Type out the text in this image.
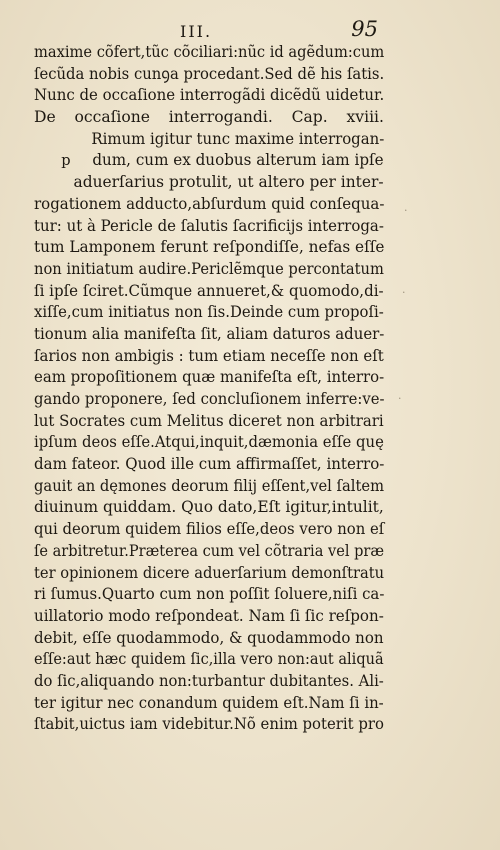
III.	95
maxime cõfert,tũc cõciliari:nũc id agẽdum:cum
ſecũda nobis cunꝯa procedant.Sed dẽ his ſatis.
Nunc de occaſione interrogãdi dicẽdũ uidetur.
De occaſione interrogandi. Cap. xviii.
Rimum igitur tunc maxime interrogan-
p dum, cum ex duobus alterum iam ipſe
aduerſarius protulit, ut altero per inter-
rogationem adducto,abſurdum quid conſequa-
tur: ut à Pericle de ſalutis ſacrificijs interroga-
tum Lamponem ferunt reſpondiſſe, nefas eſſe
non initiatum audire.Periclẽmque percontatum
ſi ipſe ſciret.Cũmque annueret,& quomodo,di-
xiſſe,cum initiatus non ſis.Deinde cum propoſi-
tionum alia manifeſta ſit, aliam daturos aduer-
ſarios non ambigis : tum etiam neceſſe non eſt
eam propoſitionem quæ manifeſta eſt, interro-
gando proponere, ſed concluſionem inferre:ve-
lut Socrates cum Melitus diceret non arbitrari
ipſum deos eſſe.Atqui,inquit,dæmonia eſſe quę
dam fateor. Quod ille cum affirmaſſet, interro-
gauit an dęmones deorum filij eſſent,vel ſaltem
diuinum quiddam. Quo dato,Eſt igitur,intulit,
qui deorum quidem filios eſſe,deos vero non eſ
ſe arbitretur.Præterea cum vel cõtraria vel præ
ter opinionem dicere aduerſarium demonſtratu
ri ſumus.Quarto cum non poſſit ſoluere,niſi ca-
uillatorio modo reſpondeat. Nam ſi ſic reſpon-
debit, eſſe quodammodo, & quodammodo non
eſſe:aut hæc quidem ſic,illa vero non:aut aliquã
do ſic,aliquando non:turbantur dubitantes. Ali-
ter igitur nec conandum quidem eſt.Nam ſi in-
ſtabit,uictus iam videbitur.Nõ enim poterit pro
·
·
·
